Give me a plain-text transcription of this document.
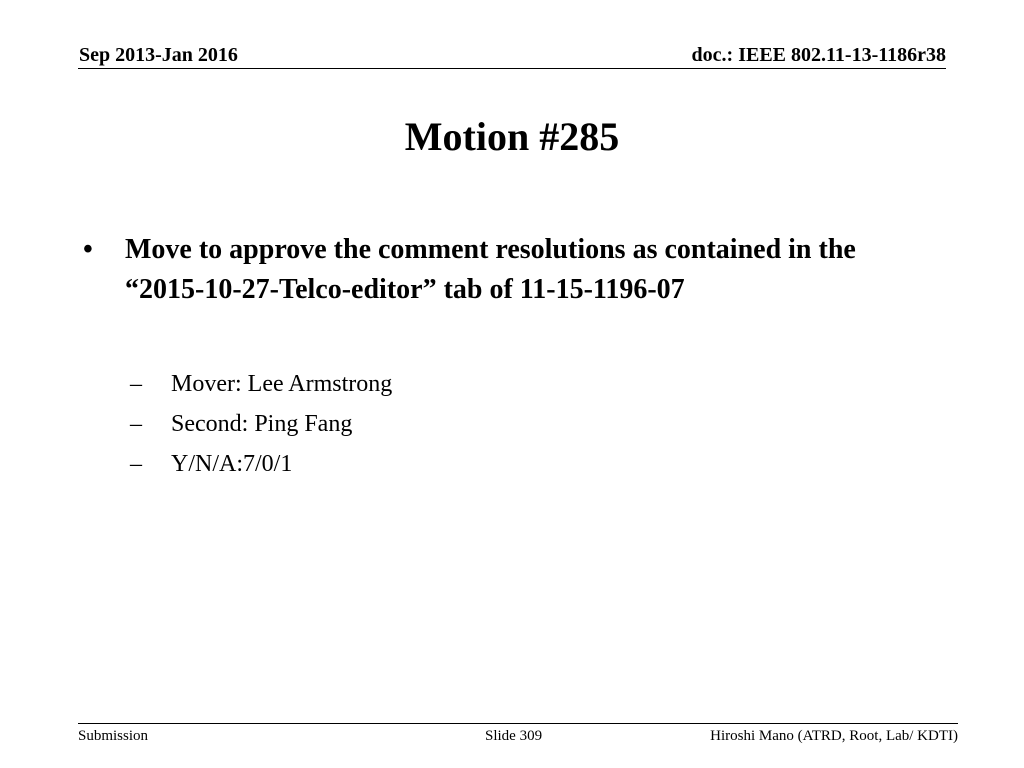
Sep 2013-Jan 2016	doc.: IEEE 802.11-13-1186r38
Motion #285
• Move to approve the comment resolutions as contained in the “2015-10-27-Telco-editor” tab of 11-15-1196-07
– Mover: Lee Armstrong
– Second: Ping Fang
– Y/N/A:7/0/1
Submission	Slide 309	Hiroshi Mano (ATRD, Root, Lab/ KDTI)
